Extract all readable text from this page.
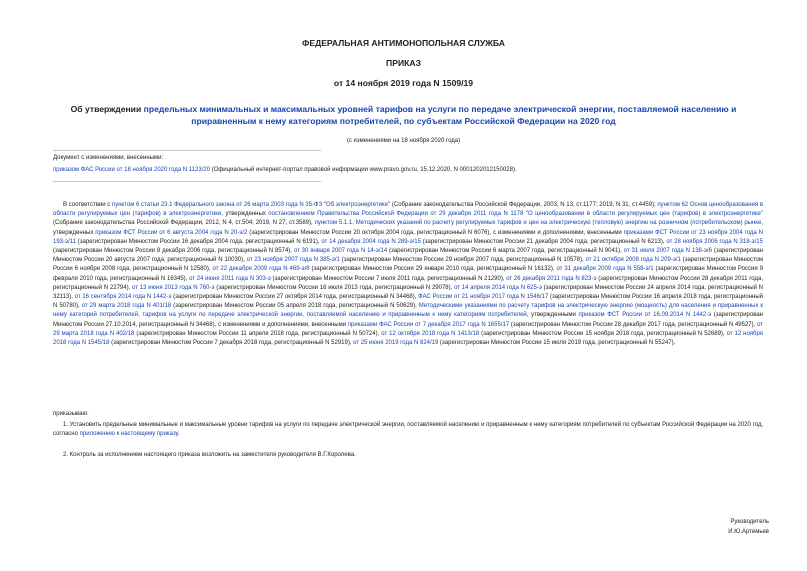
ФЕДЕРАЛЬНАЯ АНТИМОНОПОЛЬНАЯ СЛУЖБА
ПРИКАЗ
от 14 ноября 2019 года N 1509/19
Об утверждении предельных минимальных и максимальных уровней тарифов на услуги по передаче электрической энергии, поставляемой населению и приравненным к нему категориям потребителей, по субъектам Российской Федерации на 2020 год
(с изменениями на 18 ноября 2020 года)
Документ с изменениями, внесенными:
приказом ФАС России от 18 ноября 2020 года N 1123/20 (Официальный интернет-портал правовой информации www.pravo.gov.ru, 15.12.2020, N 0001202012150028).

В соответствии с пунктом 6 статьи 23.1 Федерального закона от 26 марта 2003 года N 35-ФЗ "Об электроэнергетике" (Собрание законодательства Российской Федерации, 2003, N 13, ст.1177; 2019, N 31, ст.4459); пунктом 62 Основ ценообразования в области регулируемых цен (тарифов) в электроэнергетике, утвержденных постановлением Правительства Российской Федерации от 29 декабря 2011 года N 1178 "О ценообразовании в области регулируемых цен (тарифов) в электроэнергетике" (Собрание законодательства Российской Федерации, 2012, N 4, ст.504; 2019, N 27, ст.3589), пунктом 5.1.1. Методических указаний по расчету регулируемых тарифов и цен на электрическую (тепловую) энергию на розничном (потребительском) рынке, утвержденных приказом ФСТ России от 6 августа 2004 года N 20-э/2 (зарегистрирован Минюстом России 20 октября 2004 года, регистрационный N 6076), с изменениями и дополнениями, внесенными приказами ФСТ России от 23 ноября 2004 года N 193-э/11 (зарегистрирован Минюстом России 16 декабря 2004 года, регистрационный N 6191), от 14 декабря 2004 года N 289-э/15 (зарегистрирован Минюстом России 21 декабря 2004 года, регистрационный N 6213), от 28 ноября 2006 года N 318-э/15 (зарегистрирован Минюстом России 8 декабря 2006 года, регистрационный N 8574), от 30 января 2007 года N 14-э/14 (зарегистрирован Минюстом России 6 марта 2007 года, регистрационный N 9041), от 31 июля 2007 года N 138-э/6 (зарегистрирован Минюстом России 20 августа 2007 года, регистрационный N 10030), от 23 ноября 2007 года N 385-э/1 (зарегистрирован Минюстом России 29 ноября 2007 года, регистрационный N 10578), от 21 октября 2008 года N 209-э/1 (зарегистрирован Минюстом России 6 ноября 2008 года, регистрационный N 12580), от 22 декабря 2009 года N 469-э/8 (зарегистрирован Минюстом России 29 января 2010 года, регистрационный N 16132), от 31 декабря 2009 года N 558-э/1 (зарегистрирован Минюстом России 9 февраля 2010 года, регистрационный N 16345), от 24 июня 2011 года N 303-э (зарегистрирован Минюстом России 7 июля 2011 года, регистрационный N 21290), от 26 декабря 2011 года N 823-э (зарегистрирован Минюстом России 28 декабря 2011 года, регистрационный N 22794), от 13 июня 2013 года N 760-э (зарегистрирован Минюстом России 16 июля 2013 года, регистрационный N 29078), от 14 апреля 2014 года N 625-э (зарегистрирован Минюстом России 24 апреля 2014 года, регистрационный N 32113), от 16 сентября 2014 года N 1442-э (зарегистрирован Минюстом России 27 октября 2014 года, регистрационный N 34468), ФАС России от 21 ноября 2017 года N 1546/17 (зарегистрирован Минюстом России 16 апреля 2018 года, регистрационный N 50780), от 29 марта 2018 года N 401/18 (зарегистрирован Минюстом России 05 апреля 2018 года, регистрационный N 50629), Методическими указаниями по расчету тарифов на электрическую энергию (мощность) для населения и приравненных к нему категорий потребителей, тарифов на услуги по передаче электрической энергии, поставляемой населению и приравненным к нему категориям потребителей, утвержденными приказом ФСТ России от 16.09.2014 N 1442-э (зарегистрирован Минюстом России 27.10.2014, регистрационный N 34468), с изменениями и дополнениями, внесенными приказами ФАС России от 7 декабря 2017 года N 1655/17 (зарегистрирован Минюстом России 28 декабря 2017 года, регистрационный N 49527), от 29 марта 2018 года N 402/18 (зарегистрирован Минюстом России 11 апреля 2018 года, регистрационный N 50724), от 12 октября 2018 года N 1413/18 (зарегистрирован Минюстом России 15 ноября 2018 года, регистрационный N 52689), от 12 ноября 2018 года N 1545/18 (зарегистрирован Минюстом России 7 декабря 2018 года, регистрационный N 52919), от 25 июня 2019 года N 824/19 (зарегистрирован Минюстом России 15 июля 2019 года, регистрационный N 55247),

приказываю:
1. Установить предельные минимальные и максимальные уровни тарифов на услуги по передаче электрической энергии, поставляемой населению и приравненным к нему категориям потребителей по субъектам Российской Федерации на 2020 год, согласно приложению к настоящему приказу.
2. Контроль за исполнением настоящего приказа возложить на заместителя руководителя В.Г.Королева.
Руководитель
И.Ю.Артемьев
